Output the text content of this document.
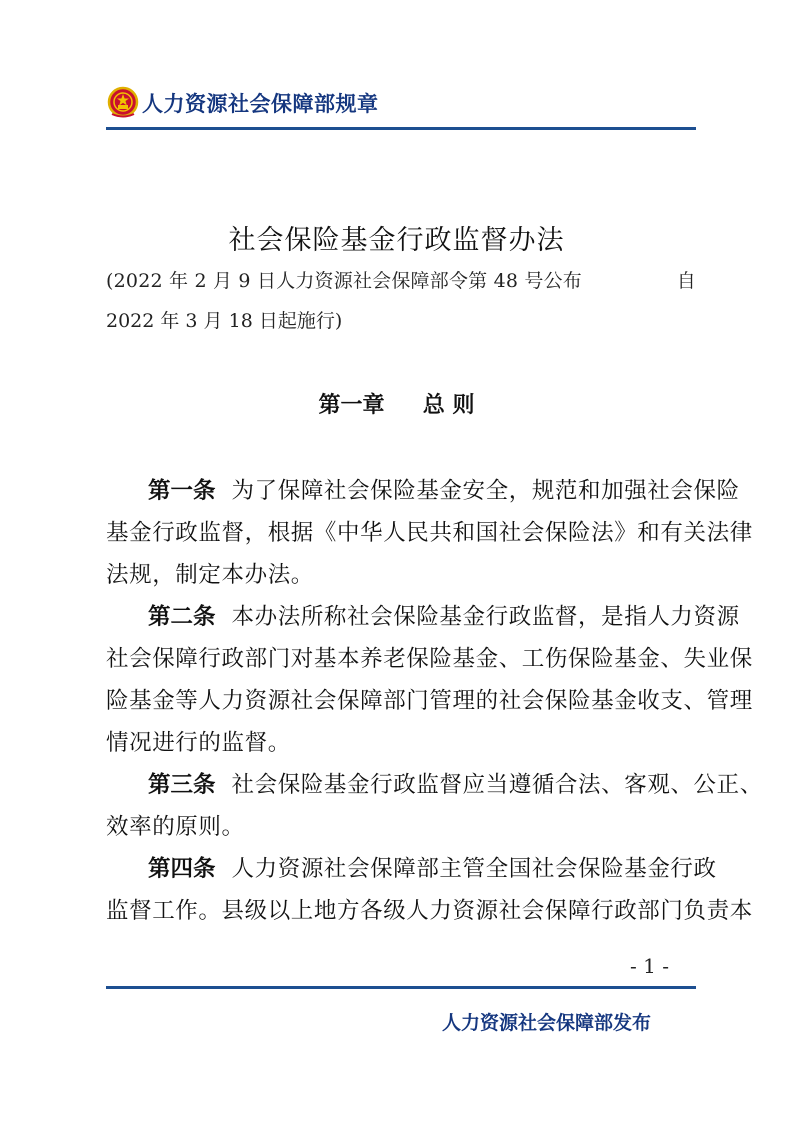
人力资源社会保障部规章
社会保险基金行政监督办法
(2022 年 2 月 9 日人力资源社会保障部令第 48 号公布	自
2022 年 3 月 18 日起施行)
第一章     总 则
第一条 为了保障社会保险基金安全，规范和加强社会保险
基金行政监督，根据《中华人民共和国社会保险法》和有关法律
法规，制定本办法。
第二条 本办法所称社会保险基金行政监督，是指人力资源
社会保障行政部门对基本养老保险基金、工伤保险基金、失业保
险基金等人力资源社会保障部门管理的社会保险基金收支、管理
情况进行的监督。
第三条 社会保险基金行政监督应当遵循合法、客观、公正、
效率的原则。
第四条 人力资源社会保障部主管全国社会保险基金行政
监督工作。县级以上地方各级人力资源社会保障行政部门负责本
- 1 -
人力资源社会保障部发布
